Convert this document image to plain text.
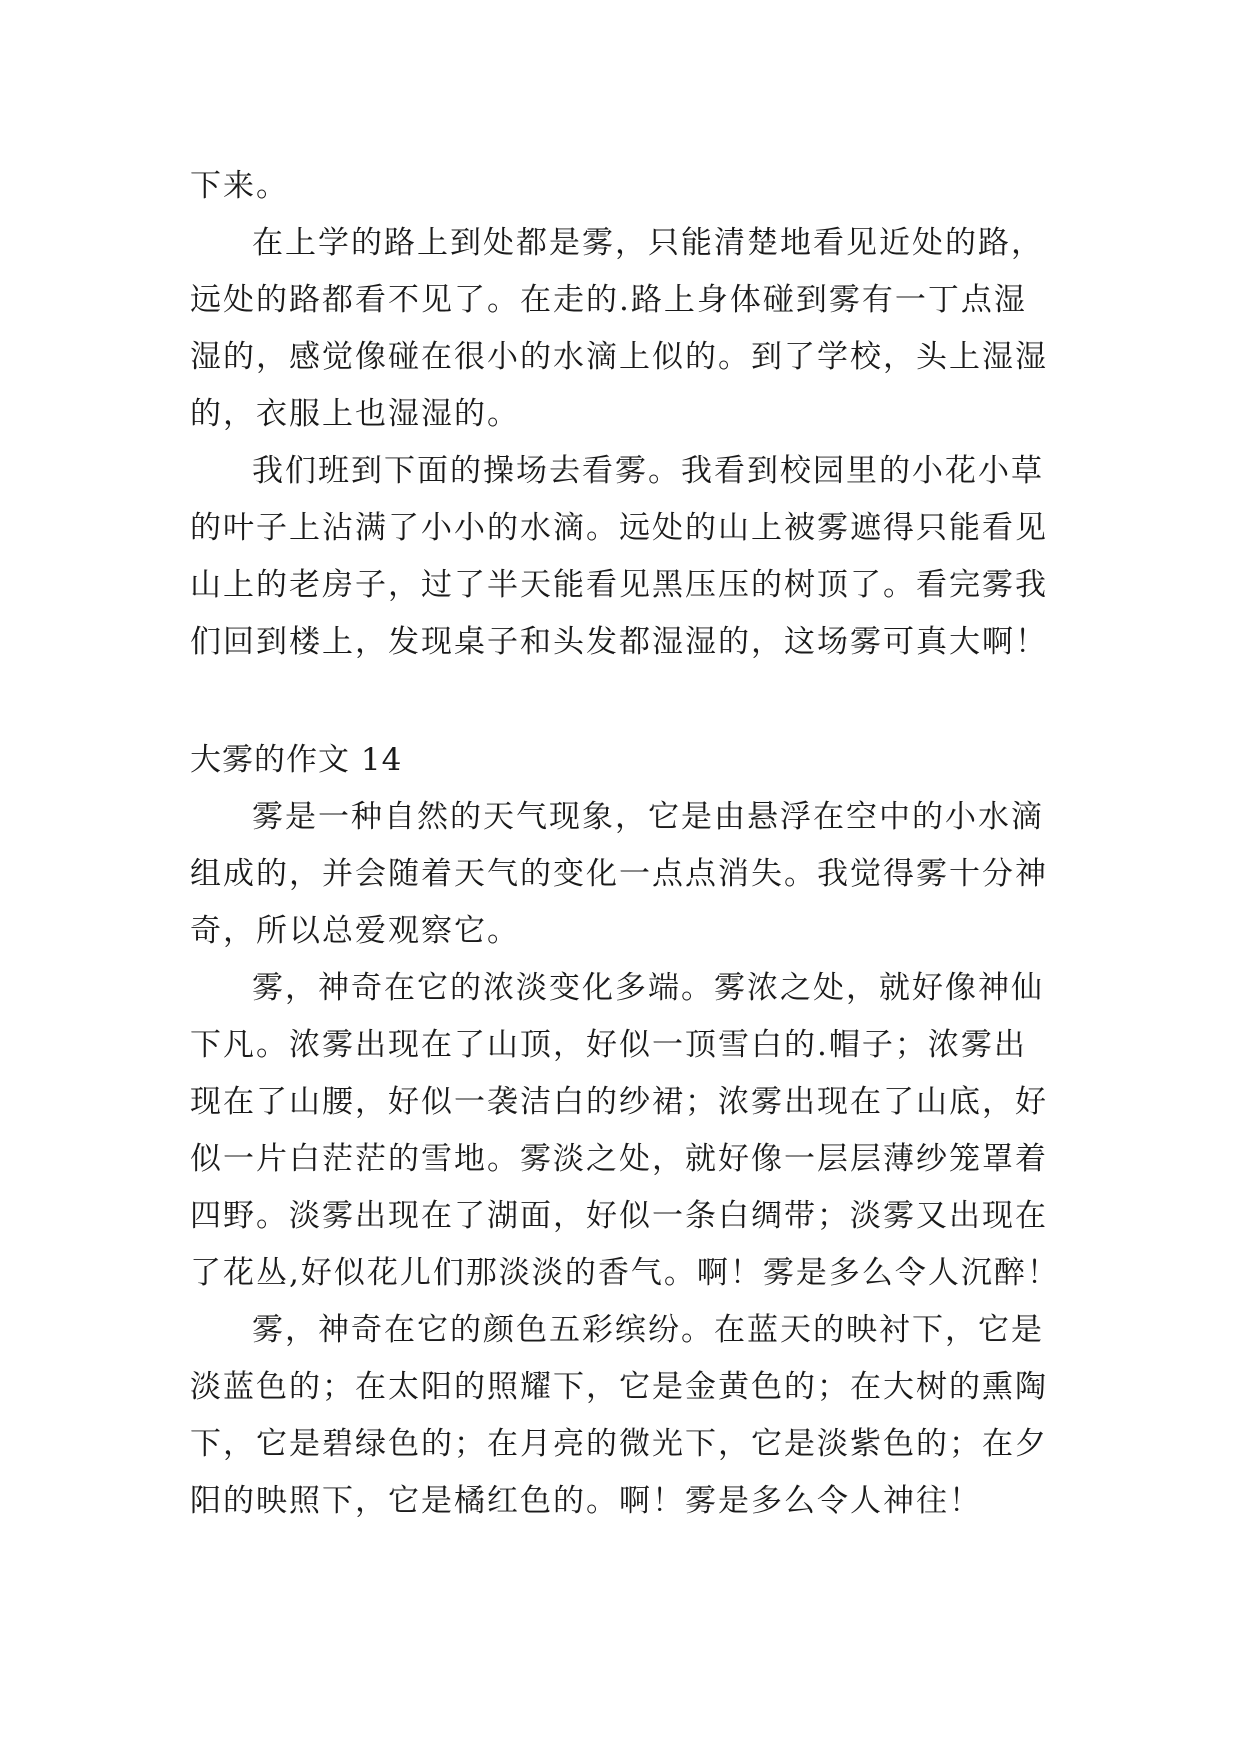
下来。

在上学的路上到处都是雾，只能清楚地看见近处的路，

远处的路都看不见了。在走的.路上身体碰到雾有一丁点湿

湿的，感觉像碰在很小的水滴上似的。到了学校，头上湿湿

的，衣服上也湿湿的。

我们班到下面的操场去看雾。我看到校园里的小花小草

的叶子上沾满了小小的水滴。远处的山上被雾遮得只能看见

山上的老房子，过了半天能看见黑压压的树顶了。看完雾我

们回到楼上，发现桌子和头发都湿湿的，这场雾可真大啊！

大雾的作文 14

雾是一种自然的天气现象，它是由悬浮在空中的小水滴

组成的，并会随着天气的变化一点点消失。我觉得雾十分神

奇，所以总爱观察它。

雾，神奇在它的浓淡变化多端。雾浓之处，就好像神仙

下凡。浓雾出现在了山顶，好似一顶雪白的.帽子；浓雾出

现在了山腰，好似一袭洁白的纱裙；浓雾出现在了山底，好

似一片白茫茫的雪地。雾淡之处，就好像一层层薄纱笼罩着

四野。淡雾出现在了湖面，好似一条白绸带；淡雾又出现在

了花丛,好似花儿们那淡淡的香气。啊！雾是多么令人沉醉！

雾，神奇在它的颜色五彩缤纷。在蓝天的映衬下，它是

淡蓝色的；在太阳的照耀下，它是金黄色的；在大树的熏陶

下，它是碧绿色的；在月亮的微光下，它是淡紫色的；在夕

阳的映照下，它是橘红色的。啊！雾是多么令人神往！
